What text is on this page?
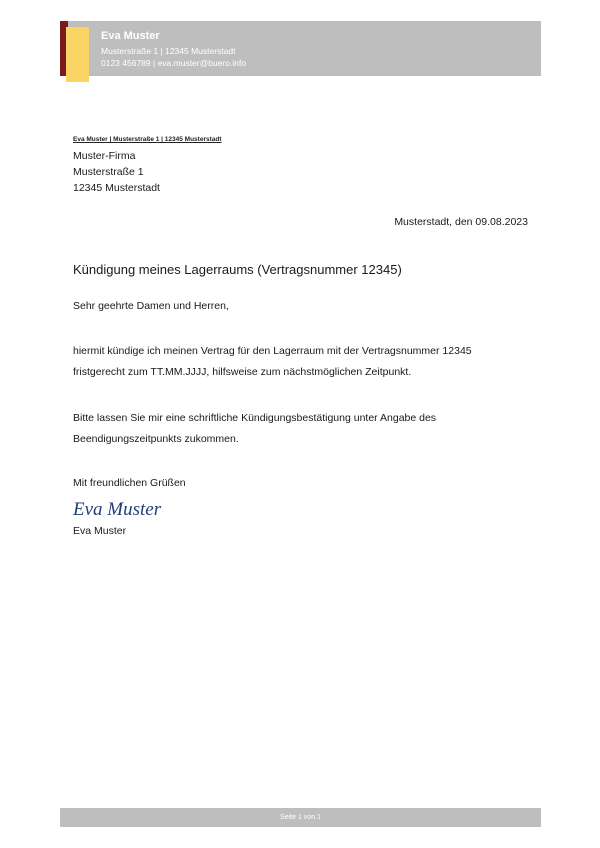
Eva Muster
Musterstraße 1 | 12345 Musterstadt
0123 456789 | eva.muster@buero.info
Eva Muster | Musterstraße 1 | 12345 Musterstadt
Muster-Firma
Musterstraße 1
12345 Musterstadt
Musterstadt, den 09.08.2023
Kündigung meines Lagerraums (Vertragsnummer 12345)
Sehr geehrte Damen und Herren,
hiermit kündige ich meinen Vertrag für den Lagerraum mit der Vertragsnummer 12345
fristgerecht zum TT.MM.JJJJ, hilfsweise zum nächstmöglichen Zeitpunkt.
Bitte lassen Sie mir eine schriftliche Kündigungsbestätigung unter Angabe des
Beendigungszeitpunkts zukommen.
Mit freundlichen Grüßen
Eva Muster
Eva Muster
Seite 1 von 1
